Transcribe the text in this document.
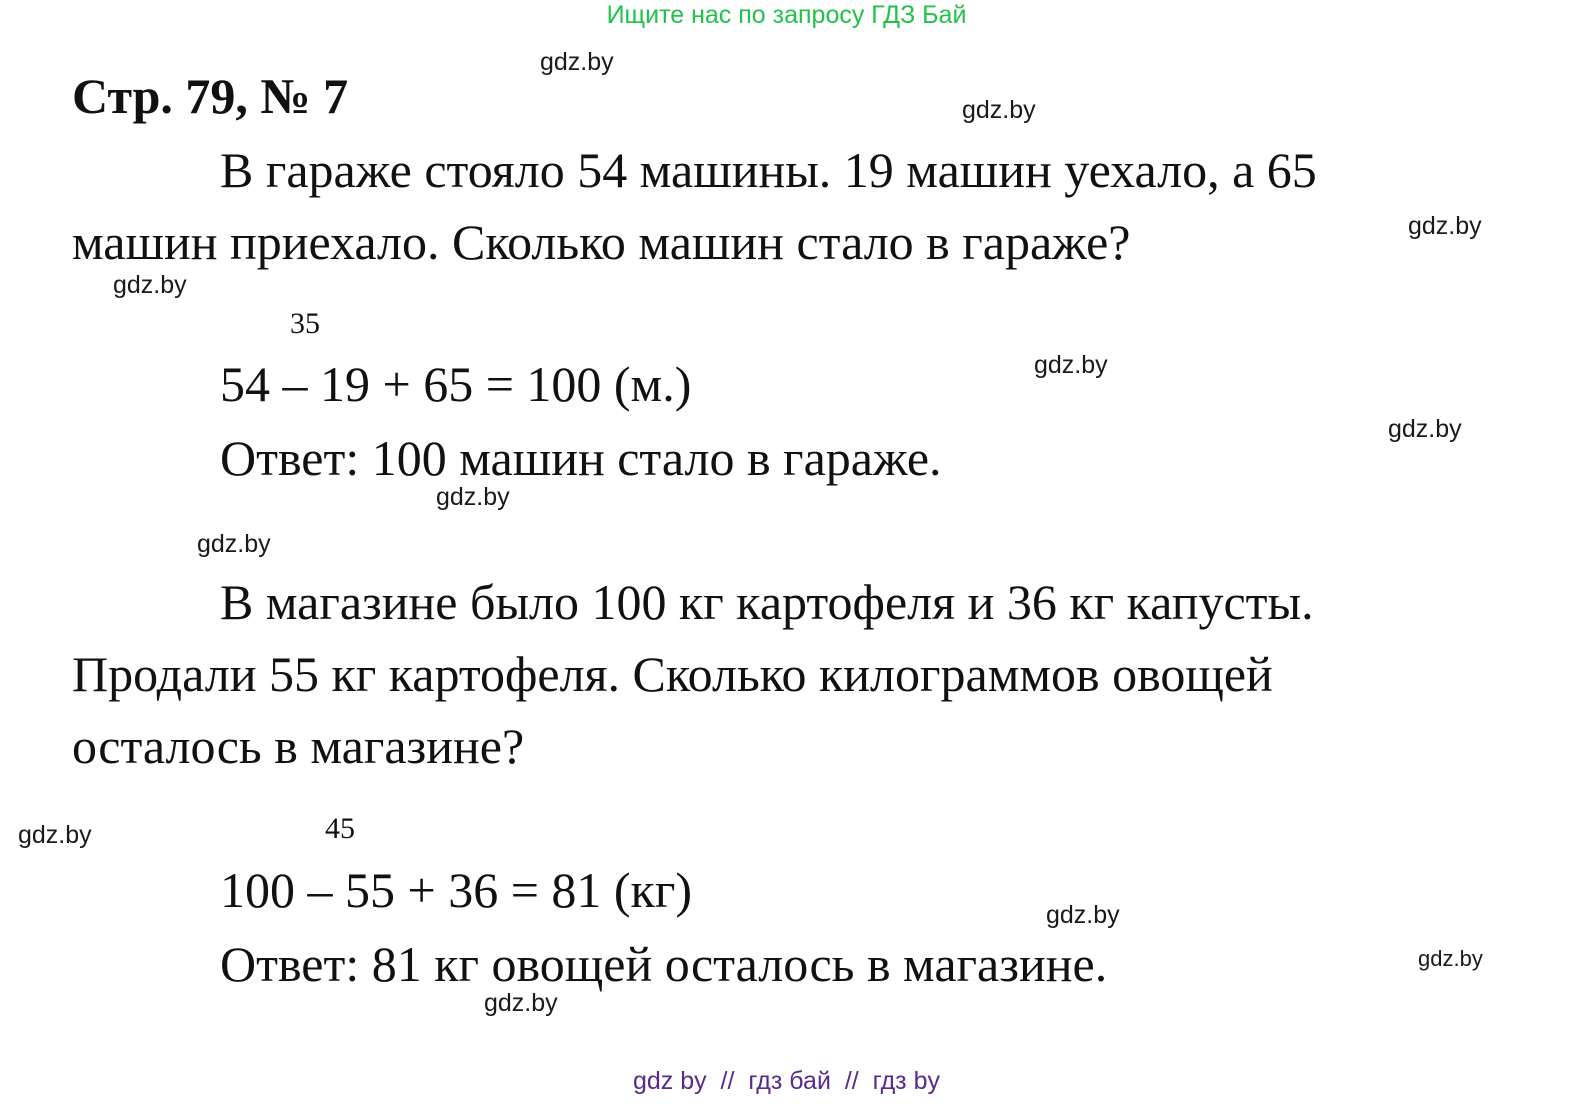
Ищите нас по запросу ГДЗ Бай
Стр. 79, № 7
В гараже стояло 54 машины. 19 машин уехало, а 65
машин приехало. Сколько машин стало в гараже?
35
54 – 19 + 65 = 100 (м.)
Ответ: 100 машин стало в гараже.
В магазине было 100 кг картофеля и 36 кг капусты.
Продали 55 кг картофеля. Сколько килограммов овощей
осталось в магазине?
45
100 – 55 + 36 = 81 (кг)
Ответ: 81 кг овощей осталось в магазине.
gdz.by
gdz.by
gdz.by
gdz.by
gdz.by
gdz.by
gdz.by
gdz.by
gdz.by
gdz.by
gdz.by
gdz.by
gdz by  //  гдз бай  //  гдз by
